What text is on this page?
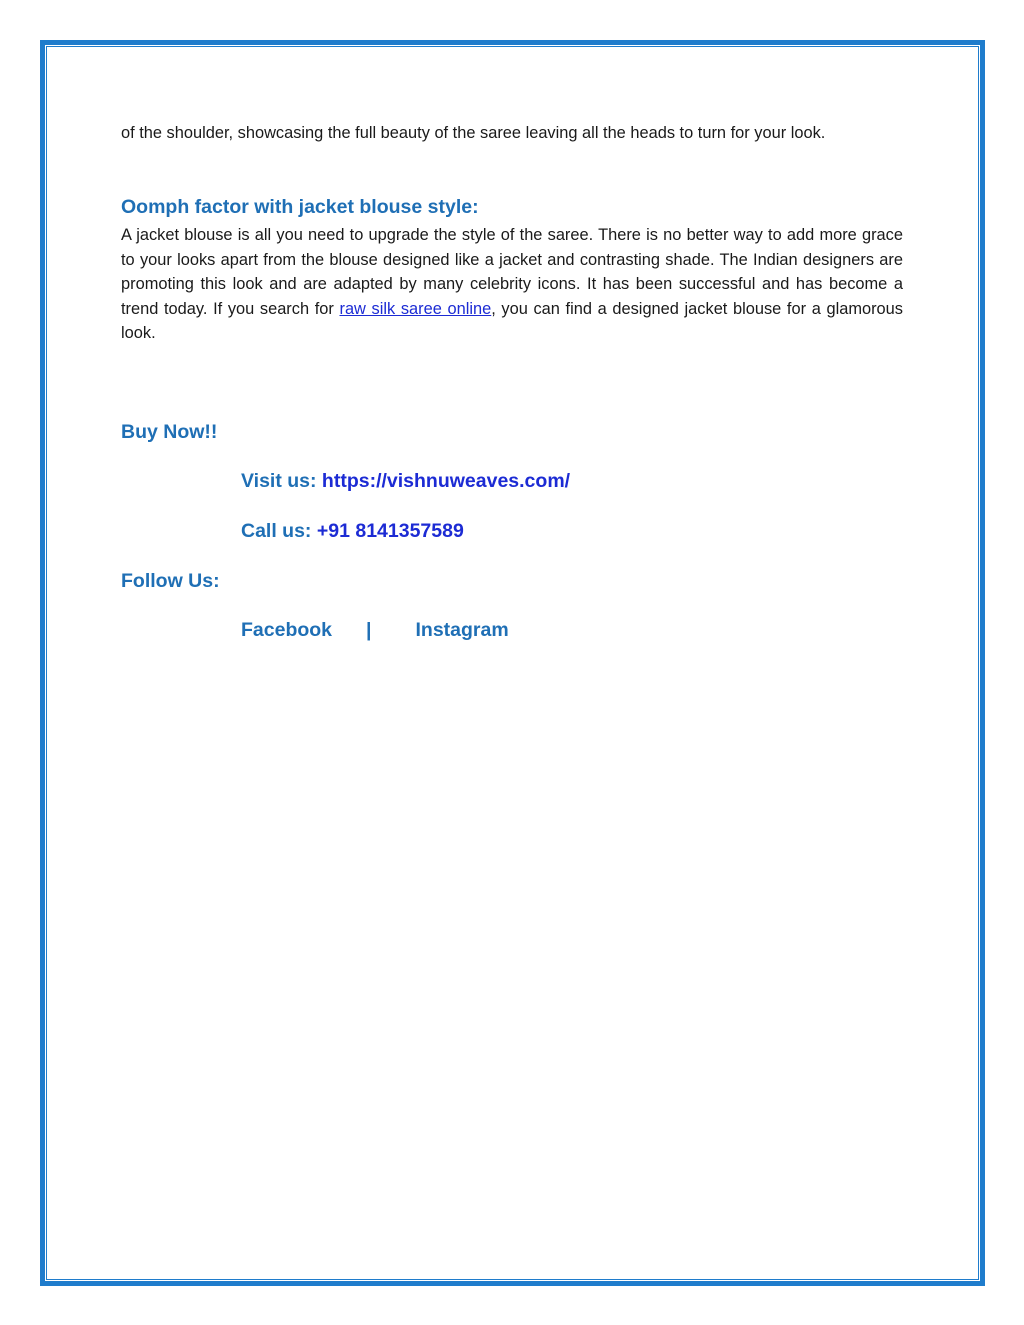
of the shoulder, showcasing the full beauty of the saree leaving all the heads to turn for your look.

Oomph factor with jacket blouse style:

A jacket blouse is all you need to upgrade the style of the saree. There is no better way to add more grace to your looks apart from the blouse designed like a jacket and contrasting shade. The Indian designers are promoting this look and are adapted by many celebrity icons. It has been successful and has become a trend today. If you search for raw silk saree online, you can find a designed jacket blouse for a glamorous look.

Buy Now!!

Visit us: https://vishnuweaves.com/

Call us: +91 8141357589

Follow Us:
Facebook | Instagram
